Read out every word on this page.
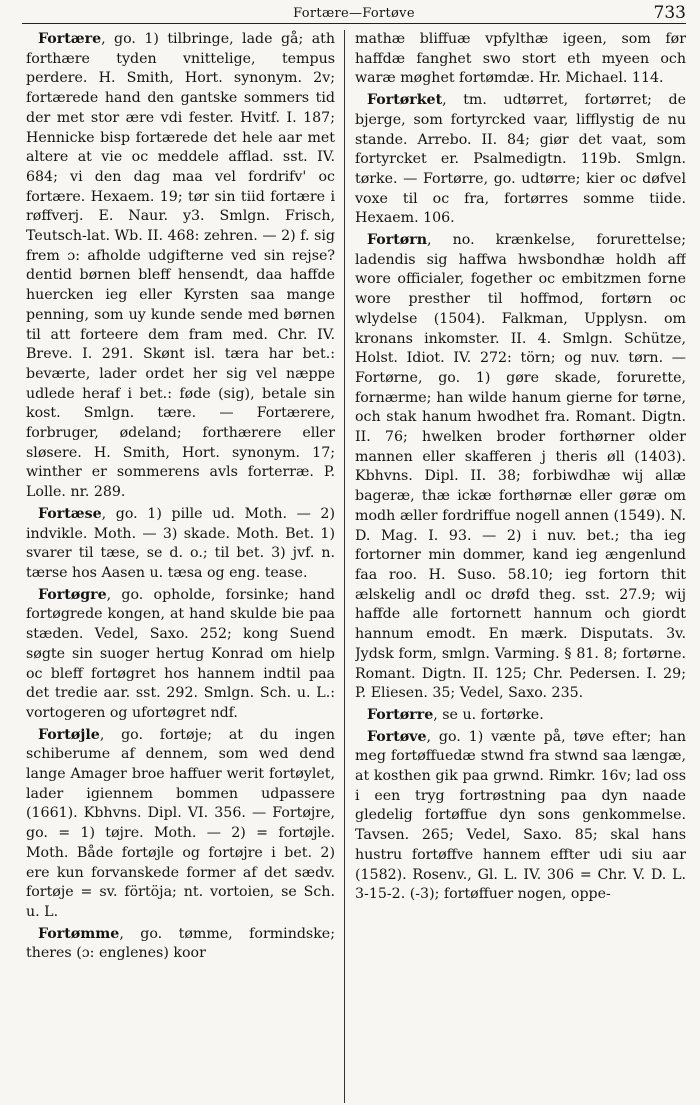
Fortære—Fortøve	733

Fortære, go. 1) tilbringe, lade gå; ath forthære tyden vnittelige, tempus perdere. H. Smith, Hort. synonym. 2v; fortærede hand den gantske sommers tid der met stor ære vdi fester. Hvitf. I. 187; Hennicke bisp fortærede det hele aar met altere at vie oc meddele afflad. sst. IV. 684; vi den dag maa vel fordrifv' oc fortære. Hexaem. 19; tør sin tiid fortære i røffverj. E. Naur. y3. Smlgn. Frisch, Teutsch-lat. Wb. II. 468: zehren. — 2) f. sig frem ɔ: afholde udgifterne ved sin rejse? dentid børnen bleff hensendt, daa haffde huercken ieg eller Kyrsten saa mange penning, som uy kunde sende med børnen til att forteere dem fram med. Chr. IV. Breve. I. 291. Skønt isl. tæra har bet.: beværte, lader ordet her sig vel næppe udlede heraf i bet.: føde (sig), betale sin kost. Smlgn. tære. — Fortærere, forbruger, ødeland; forthærere eller sløsere. H. Smith, Hort. synonym. 17; winther er sommerens avls forterræ. P. Lolle. nr. 289.

Fortæse, go. 1) pille ud. Moth. — 2) indvikle. Moth. — 3) skade. Moth. Bet. 1) svarer til tæse, se d. o.; til bet. 3) jvf. n. tærse hos Aasen u. tæsa og eng. tease.

Fortøgre, go. opholde, forsinke; hand fortøgrede kongen, at hand skulde bie paa stæden. Vedel, Saxo. 252; kong Suend søgte sin suoger hertug Konrad om hielp oc bleff fortøgret hos hannem indtil paa det tredie aar. sst. 292. Smlgn. Sch. u. L.: vortogeren og ufortøgret ndf.

Fortøjle, go. fortøje; at du ingen schiberume af dennem, som wed dend lange Amager broe haffuer werit fortøylet, lader igiennem bommen udpassere (1661). Kbhvns. Dipl. VI. 356. — Fortøjre, go. = 1) tøjre. Moth. — 2) = fortøjle. Moth. Både fortøjle og fortøjre i bet. 2) ere kun forvanskede former af det sædv. fortøje = sv. förtöja; nt. vortoien, se Sch. u. L.

Fortømme, go. tømme, formindske; theres (ɔ: englenes) koor

mathæ bliffuæ vpfylthæ igeen, som før haffdæ fanghet swo stort eth myeen och waræ møghet fortømdæ. Hr. Michael. 114.

Fortørket, tm. udtørret, fortørret; de bjerge, som fortyrcked vaar, lifflystig de nu stande. Arrebo. II. 84; giør det vaat, som fortyrcket er. Psalmedigtn. 119b. Smlgn. tørke. — Fortørre, go. udtørre; kier oc døfvel voxe til oc fra, fortørres somme tiide. Hexaem. 106.

Fortørn, no. krænkelse, forurettelse; ladendis sig haffwa hwsbondhæ holdh aff wore officialer, fogether oc embitzmen forne wore presther til hoffmod, fortørn oc wlydelse (1504). Falkman, Upplysn. om kronans inkomster. II. 4. Smlgn. Schütze, Holst. Idiot. IV. 272: törn; og nuv. tørn. — Fortørne, go. 1) gøre skade, forurette, fornærme; han wilde hanum gierne for tørne, och stak hanum hwodhet fra. Romant. Digtn. II. 76; hwelken broder forthørner older mannen eller skafferen j theris øll (1403). Kbhvns. Dipl. II. 38; forbiwdhæ wij allæ bageræ, thæ ickæ forthørnæ eller gøræ om modh æller fordriffue nogell annen (1549). N. D. Mag. I. 93. — 2) i nuv. bet.; tha ieg fortorner min dommer, kand ieg ængenlund faa roo. H. Suso. 58.10; ieg fortorn thit ælskelig andl oc drøfd theg. sst. 27.9; wij haffde alle fortornett hannum och giordt hannum emodt. En mærk. Disputats. 3v. Jydsk form, smlgn. Varming. § 81. 8; fortørne. Romant. Digtn. II. 125; Chr. Pedersen. I. 29; P. Eliesen. 35; Vedel, Saxo. 235.

Fortørre, se u. fortørke.

Fortøve, go. 1) vænte på, tøve efter; han meg fortøffuedæ stwnd fra stwnd saa længæ, at kosthen gik paa grwnd. Rimkr. 16v; lad oss i een tryg fortrøstning paa dyn naade gledelig fortøffue dyn sons genkommelse. Tavsen. 265; Vedel, Saxo. 85; skal hans hustru fortøffve hannem effter udi siu aar (1582). Rosenv., Gl. L. IV. 306 = Chr. V. D. L. 3-15-2. (-3); fortøffuer nogen, oppe-
